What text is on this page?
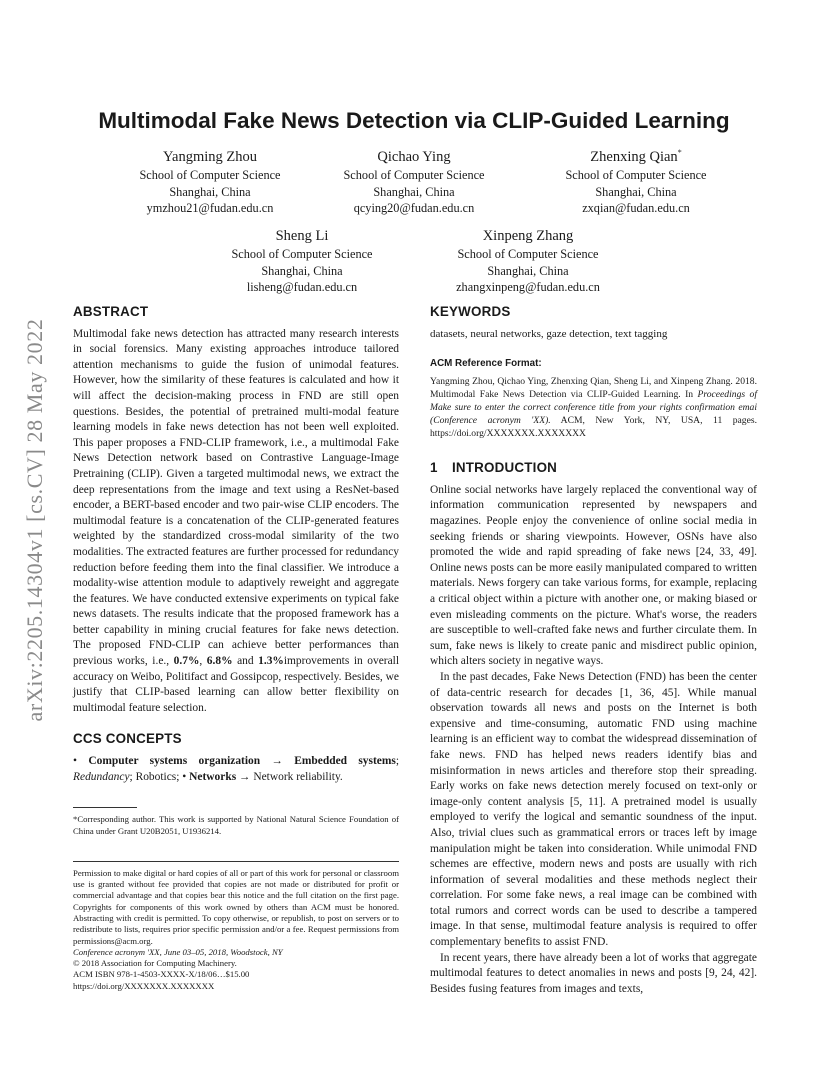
arXiv:2205.14304v1 [cs.CV] 28 May 2022
Multimodal Fake News Detection via CLIP-Guided Learning
Yangming Zhou
School of Computer Science
Shanghai, China
ymzhou21@fudan.edu.cn
Qichao Ying
School of Computer Science
Shanghai, China
qcying20@fudan.edu.cn
Zhenxing Qian*
School of Computer Science
Shanghai, China
zxqian@fudan.edu.cn
Sheng Li
School of Computer Science
Shanghai, China
lisheng@fudan.edu.cn
Xinpeng Zhang
School of Computer Science
Shanghai, China
zhangxinpeng@fudan.edu.cn
ABSTRACT

Multimodal fake news detection has attracted many research interests in social forensics. Many existing approaches introduce tailored attention mechanisms to guide the fusion of unimodal features. However, how the similarity of these features is calculated and how it will affect the decision-making process in FND are still open questions. Besides, the potential of pretrained multi-modal feature learning models in fake news detection has not been well exploited. This paper proposes a FND-CLIP framework, i.e., a multimodal Fake News Detection network based on Contrastive Language-Image Pretraining (CLIP). Given a targeted multimodal news, we extract the deep representations from the image and text using a ResNet-based encoder, a BERT-based encoder and two pair-wise CLIP encoders. The multimodal feature is a concatenation of the CLIP-generated features weighted by the standardized cross-modal similarity of the two modalities. The extracted features are further processed for redundancy reduction before feeding them into the final classifier. We introduce a modality-wise attention module to adaptively reweight and aggregate the features. We have conducted extensive experiments on typical fake news datasets. The results indicate that the proposed framework has a better capability in mining crucial features for fake news detection. The proposed FND-CLIP can achieve better performances than previous works, i.e., 0.7%, 6.8% and 1.3%improvements in overall accuracy on Weibo, Politifact and Gossipcop, respectively. Besides, we justify that CLIP-based learning can allow better flexibility on multimodal feature selection.

CCS CONCEPTS

• Computer systems organization → Embedded systems; Redundancy; Robotics; • Networks → Network reliability.

*Corresponding author. This work is supported by National Natural Science Foundation of China under Grant U20B2051, U1936214.

Permission to make digital or hard copies of all or part of this work for personal or classroom use is granted without fee provided that copies are not made or distributed for profit or commercial advantage and that copies bear this notice and the full citation on the first page. Copyrights for components of this work owned by others than ACM must be honored. Abstracting with credit is permitted. To copy otherwise, or republish, to post on servers or to redistribute to lists, requires prior specific permission and/or a fee. Request permissions from permissions@acm.org.

Conference acronym 'XX, June 03–05, 2018, Woodstock, NY
© 2018 Association for Computing Machinery.
ACM ISBN 978-1-4503-XXXX-X/18/06…$15.00
https://doi.org/XXXXXXX.XXXXXXX
KEYWORDS

datasets, neural networks, gaze detection, text tagging

ACM Reference Format:

Yangming Zhou, Qichao Ying, Zhenxing Qian, Sheng Li, and Xinpeng Zhang. 2018. Multimodal Fake News Detection via CLIP-Guided Learning. In Proceedings of Make sure to enter the correct conference title from your rights confirmation emai (Conference acronym 'XX). ACM, New York, NY, USA, 11 pages. https://doi.org/XXXXXXX.XXXXXXX

1 INTRODUCTION

Online social networks have largely replaced the conventional way of information communication represented by newspapers and magazines. People enjoy the convenience of online social media in seeking friends or sharing viewpoints. However, OSNs have also promoted the wide and rapid spreading of fake news [24, 33, 49]. Online news posts can be more easily manipulated compared to written materials. News forgery can take various forms, for example, replacing a critical object within a picture with another one, or making biased or even misleading comments on the picture. What's worse, the readers are susceptible to well-crafted fake news and further circulate them. In sum, fake news is likely to create panic and misdirect public opinion, which alters society in negative ways.

In the past decades, Fake News Detection (FND) has been the center of data-centric research for decades [1, 36, 45]. While manual observation towards all news and posts on the Internet is both expensive and time-consuming, automatic FND using machine learning is an efficient way to combat the widespread dissemination of fake news. FND has helped news readers identify bias and misinformation in news articles and therefore stop their spreading. Early works on fake news detection merely focused on text-only or image-only content analysis [5, 11]. A pretrained model is usually employed to verify the logical and semantic soundness of the input. Also, trivial clues such as grammatical errors or traces left by image manipulation might be taken into consideration. While unimodal FND schemes are effective, modern news and posts are usually with rich information of several modalities and these methods neglect their correlation. For some fake news, a real image can be combined with total rumors and correct words can be used to describe a tampered image. In that sense, multimodal feature analysis is required to offer complementary benefits to assist FND.

In recent years, there have already been a lot of works that aggregate multimodal features to detect anomalies in news and posts [9, 24, 42]. Besides fusing features from images and texts,
